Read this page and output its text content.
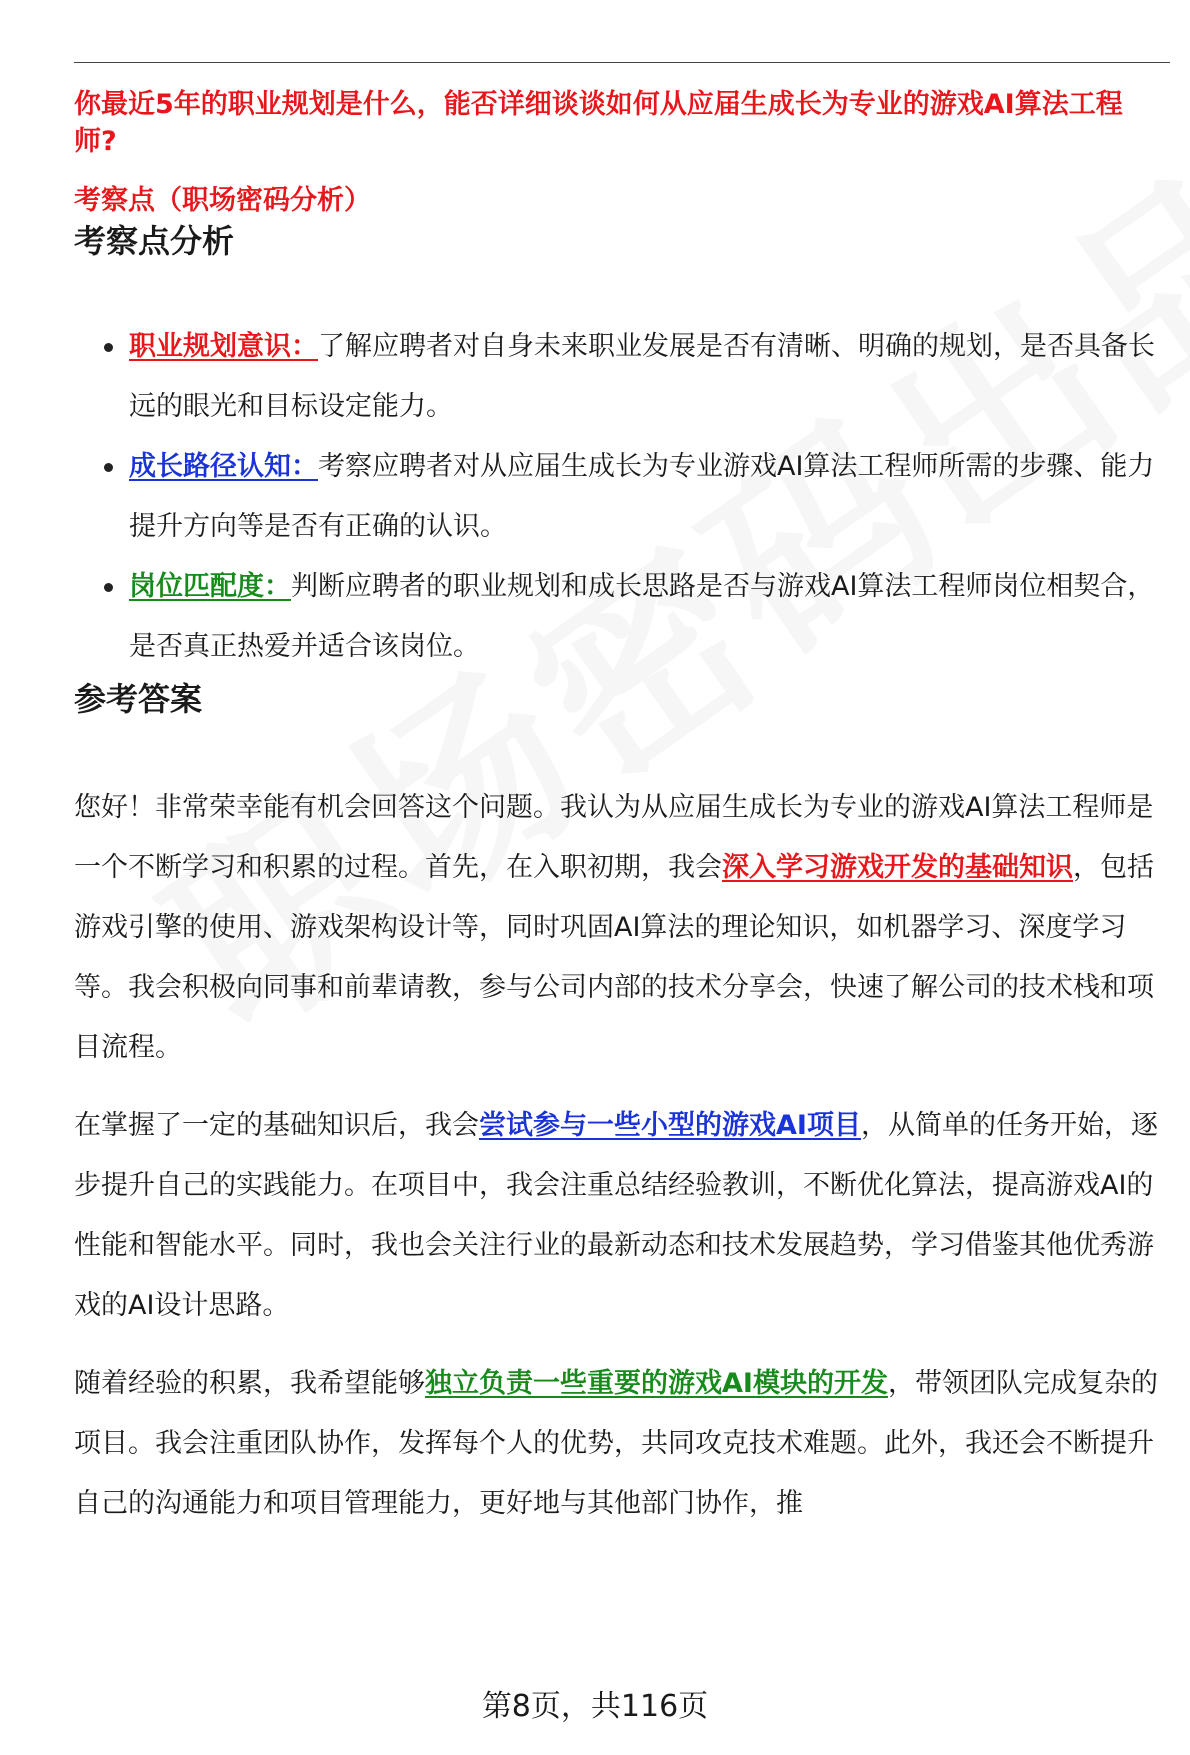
你最近5年的职业规划是什么，能否详细谈谈如何从应届生成长为专业的游戏AI算法工程师?

考察点（职场密码分析）

考察点分析
职业规划意识：了解应聘者对自身未来职业发展是否有清晰、明确的规划，是否具备长远的眼光和目标设定能力。
成长路径认知：考察应聘者对从应届生成长为专业游戏AI算法工程师所需的步骤、能力提升方向等是否有正确的认识。
岗位匹配度：判断应聘者的职业规划和成长思路是否与游戏AI算法工程师岗位相契合，是否真正热爱并适合该岗位。
参考答案

您好！非常荣幸能有机会回答这个问题。我认为从应届生成长为专业的游戏AI算法工程师是一个不断学习和积累的过程。首先，在入职初期，我会深入学习游戏开发的基础知识，包括游戏引擎的使用、游戏架构设计等，同时巩固AI算法的理论知识，如机器学习、深度学习等。我会积极向同事和前辈请教，参与公司内部的技术分享会，快速了解公司的技术栈和项目流程。

在掌握了一定的基础知识后，我会尝试参与一些小型的游戏AI项目，从简单的任务开始，逐步提升自己的实践能力。在项目中，我会注重总结经验教训，不断优化算法，提高游戏AI的性能和智能水平。同时，我也会关注行业的最新动态和技术发展趋势，学习借鉴其他优秀游戏的AI设计思路。

随着经验的积累，我希望能够独立负责一些重要的游戏AI模块的开发，带领团队完成复杂的项目。我会注重团队协作，发挥每个人的优势，共同攻克技术难题。此外，我还会不断提升自己的沟通能力和项目管理能力，更好地与其他部门协作，推

第8页，共116页
